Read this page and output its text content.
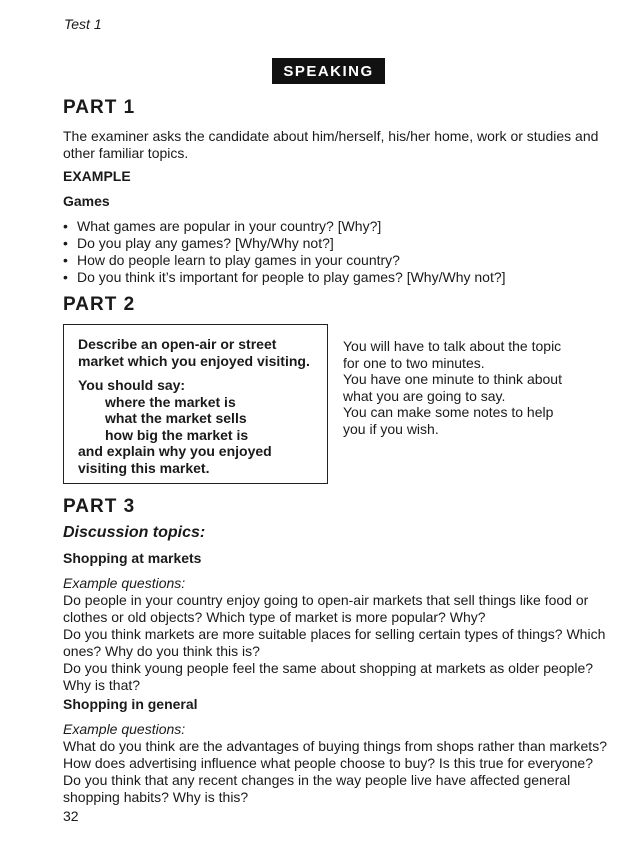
Test 1
SPEAKING
PART 1
The examiner asks the candidate about him/herself, his/her home, work or studies and other familiar topics.
EXAMPLE
Games
• What games are popular in your country? [Why?]
• Do you play any games? [Why/Why not?]
• How do people learn to play games in your country?
• Do you think it’s important for people to play games? [Why/Why not?]
PART 2
Describe an open-air or street
market which you enjoyed visiting.
You should say:
where the market is
what the market sells
how big the market is
and explain why you enjoyed
visiting this market.
You will have to talk about the topic
for one to two minutes.
You have one minute to think about
what you are going to say.
You can make some notes to help
you if you wish.
PART 3
Discussion topics:
Shopping at markets
Example questions:
Do people in your country enjoy going to open-air markets that sell things like food or
clothes or old objects? Which type of market is more popular? Why?
Do you think markets are more suitable places for selling certain types of things? Which
ones? Why do you think this is?
Do you think young people feel the same about shopping at markets as older people?
Why is that?
Shopping in general
Example questions:
What do you think are the advantages of buying things from shops rather than markets?
How does advertising influence what people choose to buy? Is this true for everyone?
Do you think that any recent changes in the way people live have affected general
shopping habits? Why is this?
32
